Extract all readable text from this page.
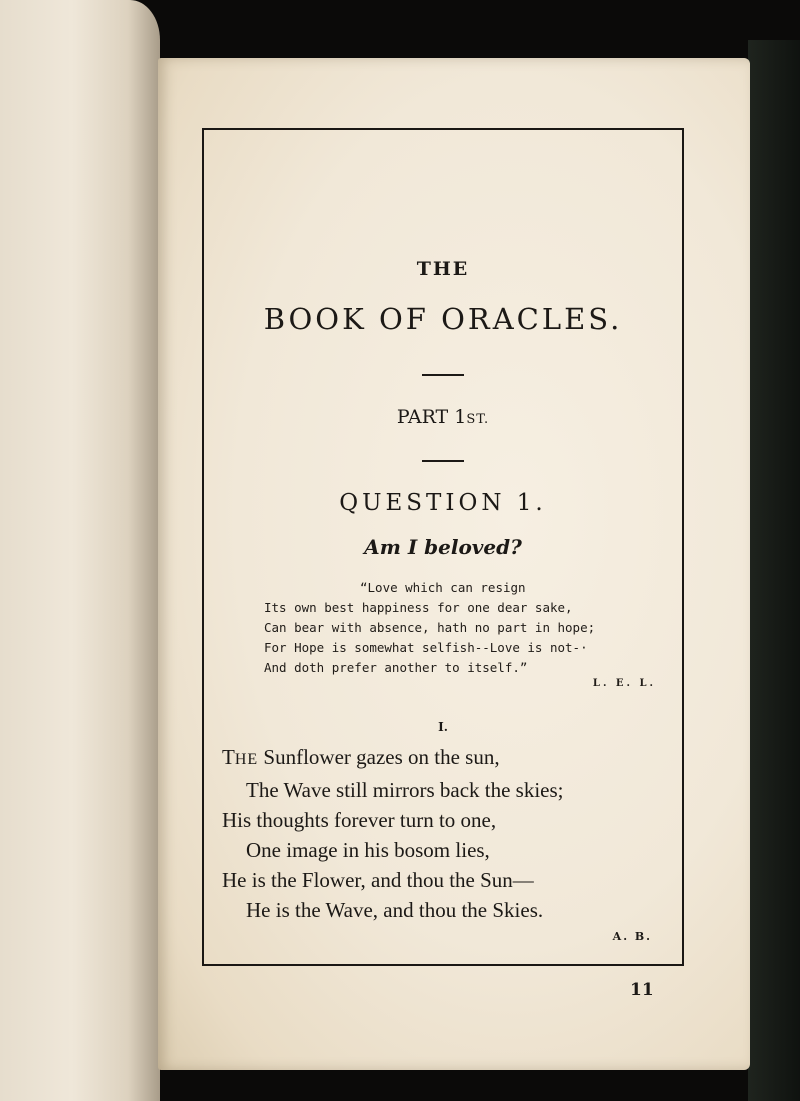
THE
BOOK OF ORACLES.
PART 1ST.
QUESTION 1.
Am I beloved?
“Love which can resign
Its own best happiness for one dear sake,
Can bear with absence, hath no part in hope;
For Hope is somewhat selfish--Love is not-·
And doth prefer another to itself.”
L. E. L.
I.
THE Sunflower gazes on the sun,
The Wave still mirrors back the skies;
His thoughts forever turn to one,
One image in his bosom lies,
He is the Flower, and thou the Sun—
He is the Wave, and thou the Skies.
A. B.
11
